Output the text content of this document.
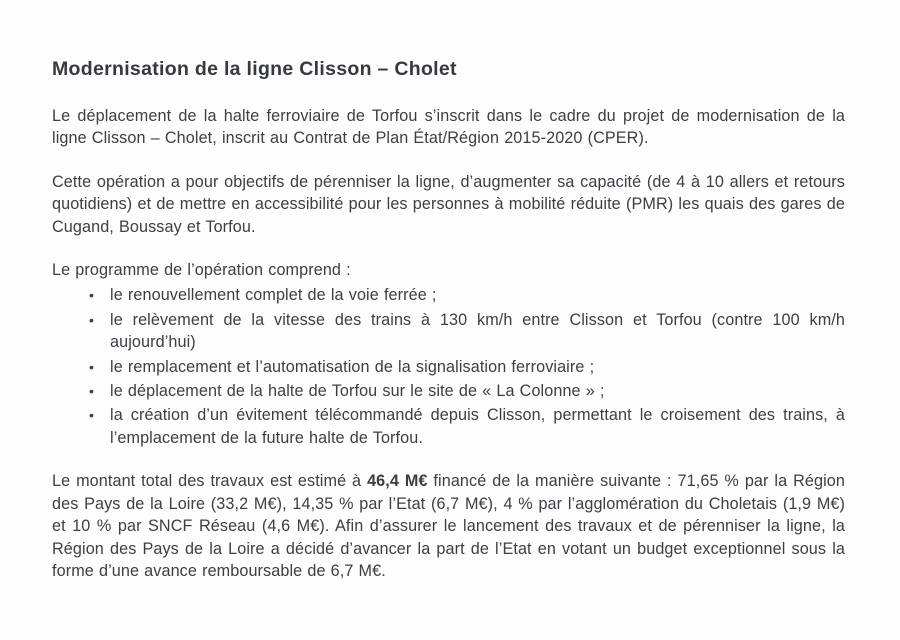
Modernisation de la ligne Clisson – Cholet

Le déplacement de la halte ferroviaire de Torfou s’inscrit dans le cadre du projet de modernisation de la ligne Clisson – Cholet, inscrit au Contrat de Plan État/Région 2015-2020 (CPER).

Cette opération a pour objectifs de pérenniser la ligne, d’augmenter sa capacité (de 4 à 10 allers et retours quotidiens) et de mettre en accessibilité pour les personnes à mobilité réduite (PMR) les quais des gares de Cugand, Boussay et Torfou.

Le programme de l’opération comprend :

• le renouvellement complet de la voie ferrée ;
• le relèvement de la vitesse des trains à 130 km/h entre Clisson et Torfou (contre 100 km/h aujourd’hui)
• le remplacement et l’automatisation de la signalisation ferroviaire ;
• le déplacement de la halte de Torfou sur le site de « La Colonne » ;
• la création d’un évitement télécommandé depuis Clisson, permettant le croisement des trains, à l’emplacement de la future halte de Torfou.

Le montant total des travaux est estimé à 46,4 M€ financé de la manière suivante : 71,65 % par la Région des Pays de la Loire (33,2 M€), 14,35 % par l’Etat (6,7 M€), 4 % par l’agglomération du Choletais (1,9 M€) et 10 % par SNCF Réseau (4,6 M€). Afin d’assurer le lancement des travaux et de pérenniser la ligne, la Région des Pays de la Loire a décidé d’avancer la part de l’Etat en votant un budget exceptionnel sous la forme d’une avance remboursable de 6,7 M€.
